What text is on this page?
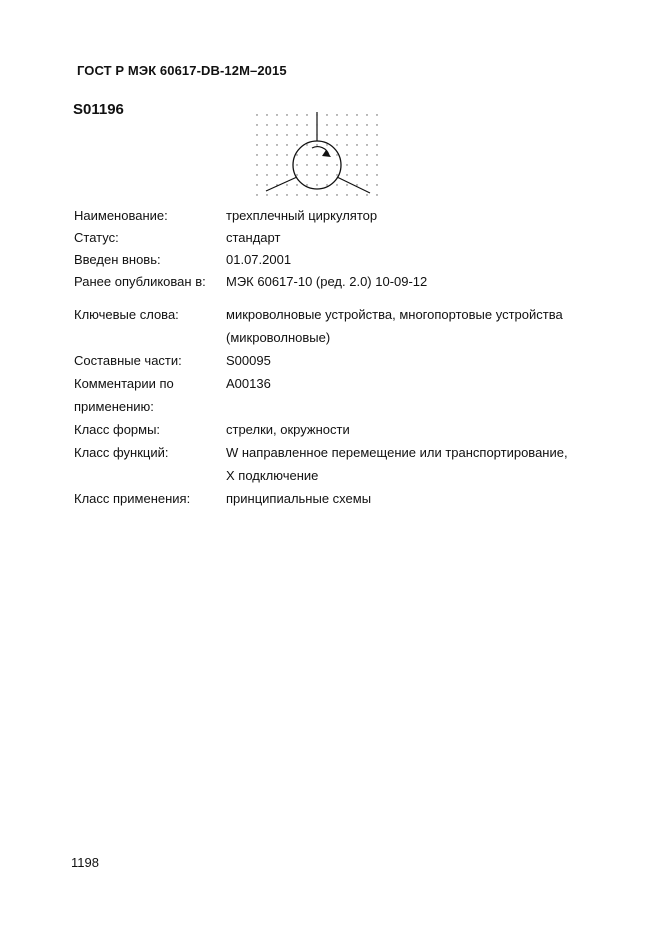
ГОСТ Р МЭК 60617-DB-12M–2015
S01196
Наименование:	трехплечный циркулятор
Статус:	стандарт
Введен вновь:	01.07.2001
Ранее опубликован в:	МЭК 60617-10 (ред. 2.0) 10-09-12
Ключевые слова:	микроволновые устройства, многопортовые устройства
(микроволновые)
Составные части:	S00095
Комментарии по
применению:
A00136
Класс формы:	стрелки, окружности
Класс функций:	W направленное перемещение или транспортирование,
X подключение
Класс применения:	принципиальные схемы
1198
